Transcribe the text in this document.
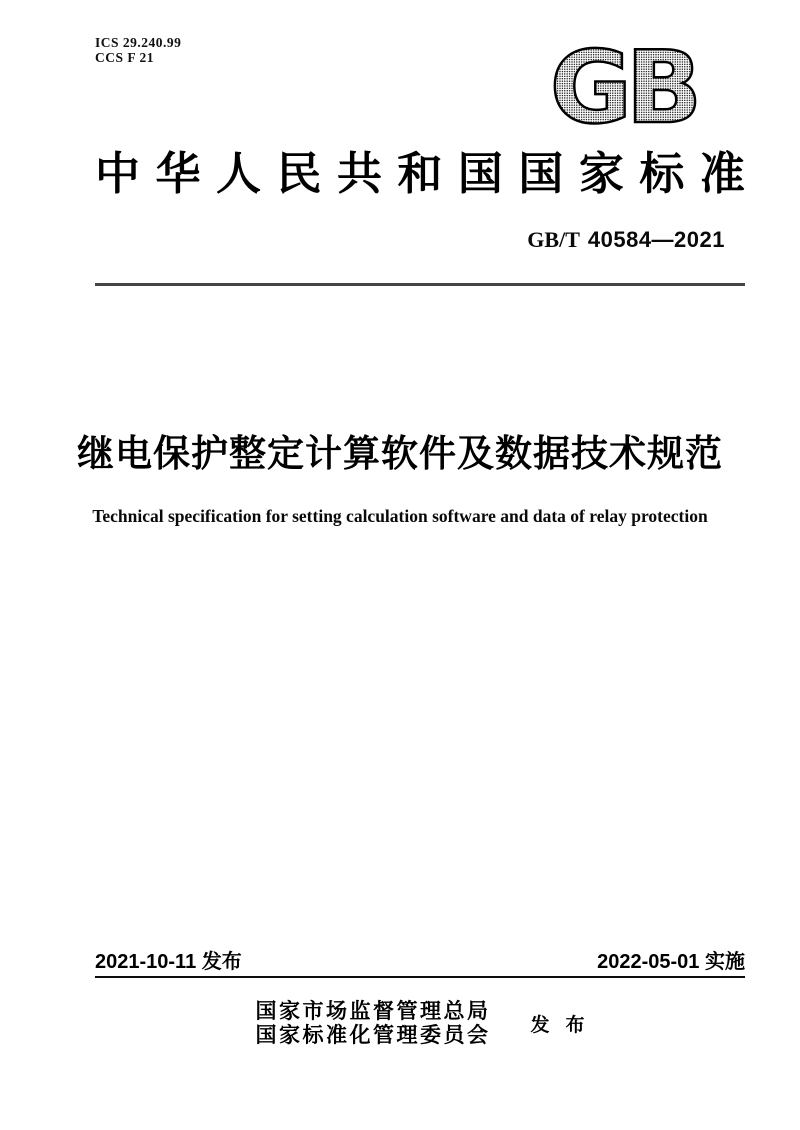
ICS 29.240.99
CCS F 21	GB
中 华 人 民 共 和 国 国 家 标 准
GB/T 40584—2021
继电保护整定计算软件及数据技术规范
Technical specification for setting calculation software and data of relay protection
2021-10-11 发布	2022-05-01 实施
国家市场监督管理总局
国家标准化管理委员会 发布
